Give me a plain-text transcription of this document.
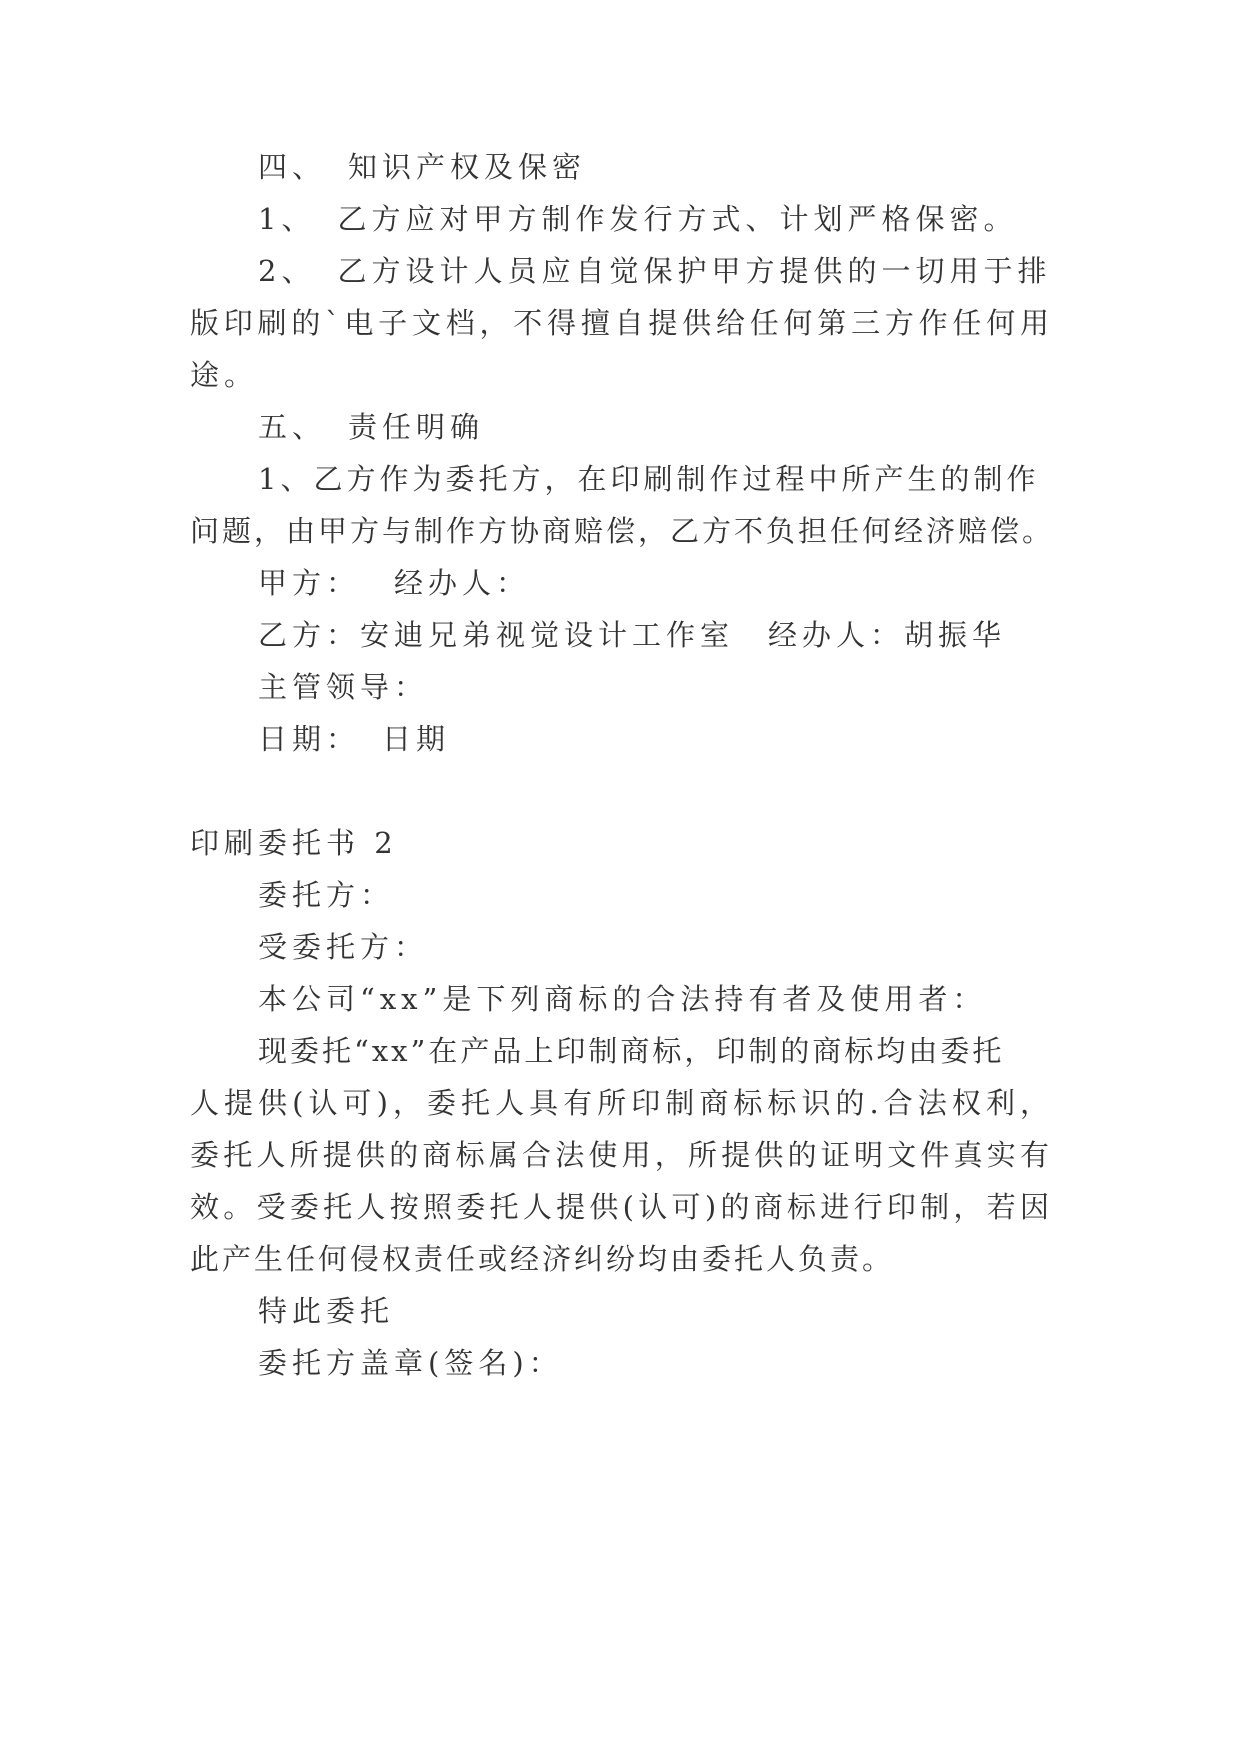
四、 知识产权及保密
1、 乙方应对甲方制作发行方式、计划严格保密。
2、 乙方设计人员应自觉保护甲方提供的一切用于排
版印刷的`电子文档，不得擅自提供给任何第三方作任何用
途。
五、 责任明确
1、乙方作为委托方，在印刷制作过程中所产生的制作
问题，由甲方与制作方协商赔偿，乙方不负担任何经济赔偿。
甲方： 经办人：
乙方：安迪兄弟视觉设计工作室 经办人：胡振华
主管领导：
日期： 日期
印刷委托书 2
委托方：
受委托方：
本公司“xx”是下列商标的合法持有者及使用者：
现委托“xx”在产品上印制商标，印制的商标均由委托
人提供(认可)，委托人具有所印制商标标识的.合法权利，
委托人所提供的商标属合法使用，所提供的证明文件真实有
效。受委托人按照委托人提供(认可)的商标进行印制，若因
此产生任何侵权责任或经济纠纷均由委托人负责。
特此委托
委托方盖章(签名)：
